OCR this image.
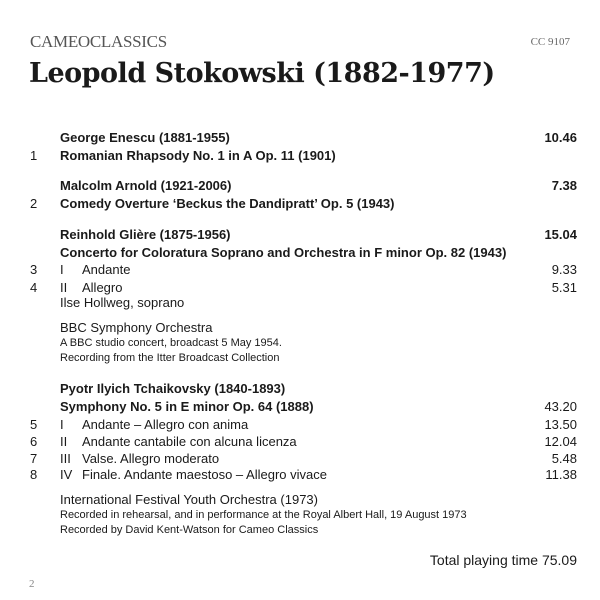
CAMEOCLASSICS	CC 9107
Leopold Stokowski (1882-1977)
George Enescu (1881-1955)	10.46
1 Romanian Rhapsody No. 1 in A Op. 11 (1901)
Malcolm Arnold (1921-2006)	7.38
2 Comedy Overture ‘Beckus the Dandipratt’ Op. 5 (1943)
Reinhold Glière (1875-1956)	15.04
Concerto for Coloratura Soprano and Orchestra in F minor Op. 82 (1943)
3 I Andante	9.33
4 II Allegro	5.31
Ilse Hollweg, soprano
BBC Symphony Orchestra
A BBC studio concert, broadcast 5 May 1954.
Recording from the Itter Broadcast Collection
Pyotr Ilyich Tchaikovsky (1840-1893)
Symphony No. 5 in E minor Op. 64 (1888)	43.20
5 I Andante – Allegro con anima	13.50
6 II Andante cantabile con alcuna licenza	12.04
7 III Valse. Allegro moderato	5.48
8 IV Finale. Andante maestoso – Allegro vivace	11.38
International Festival Youth Orchestra (1973)
Recorded in rehearsal, and in performance at the Royal Albert Hall, 19 August 1973
Recorded by David Kent-Watson for Cameo Classics
Total playing time 75.09
2
